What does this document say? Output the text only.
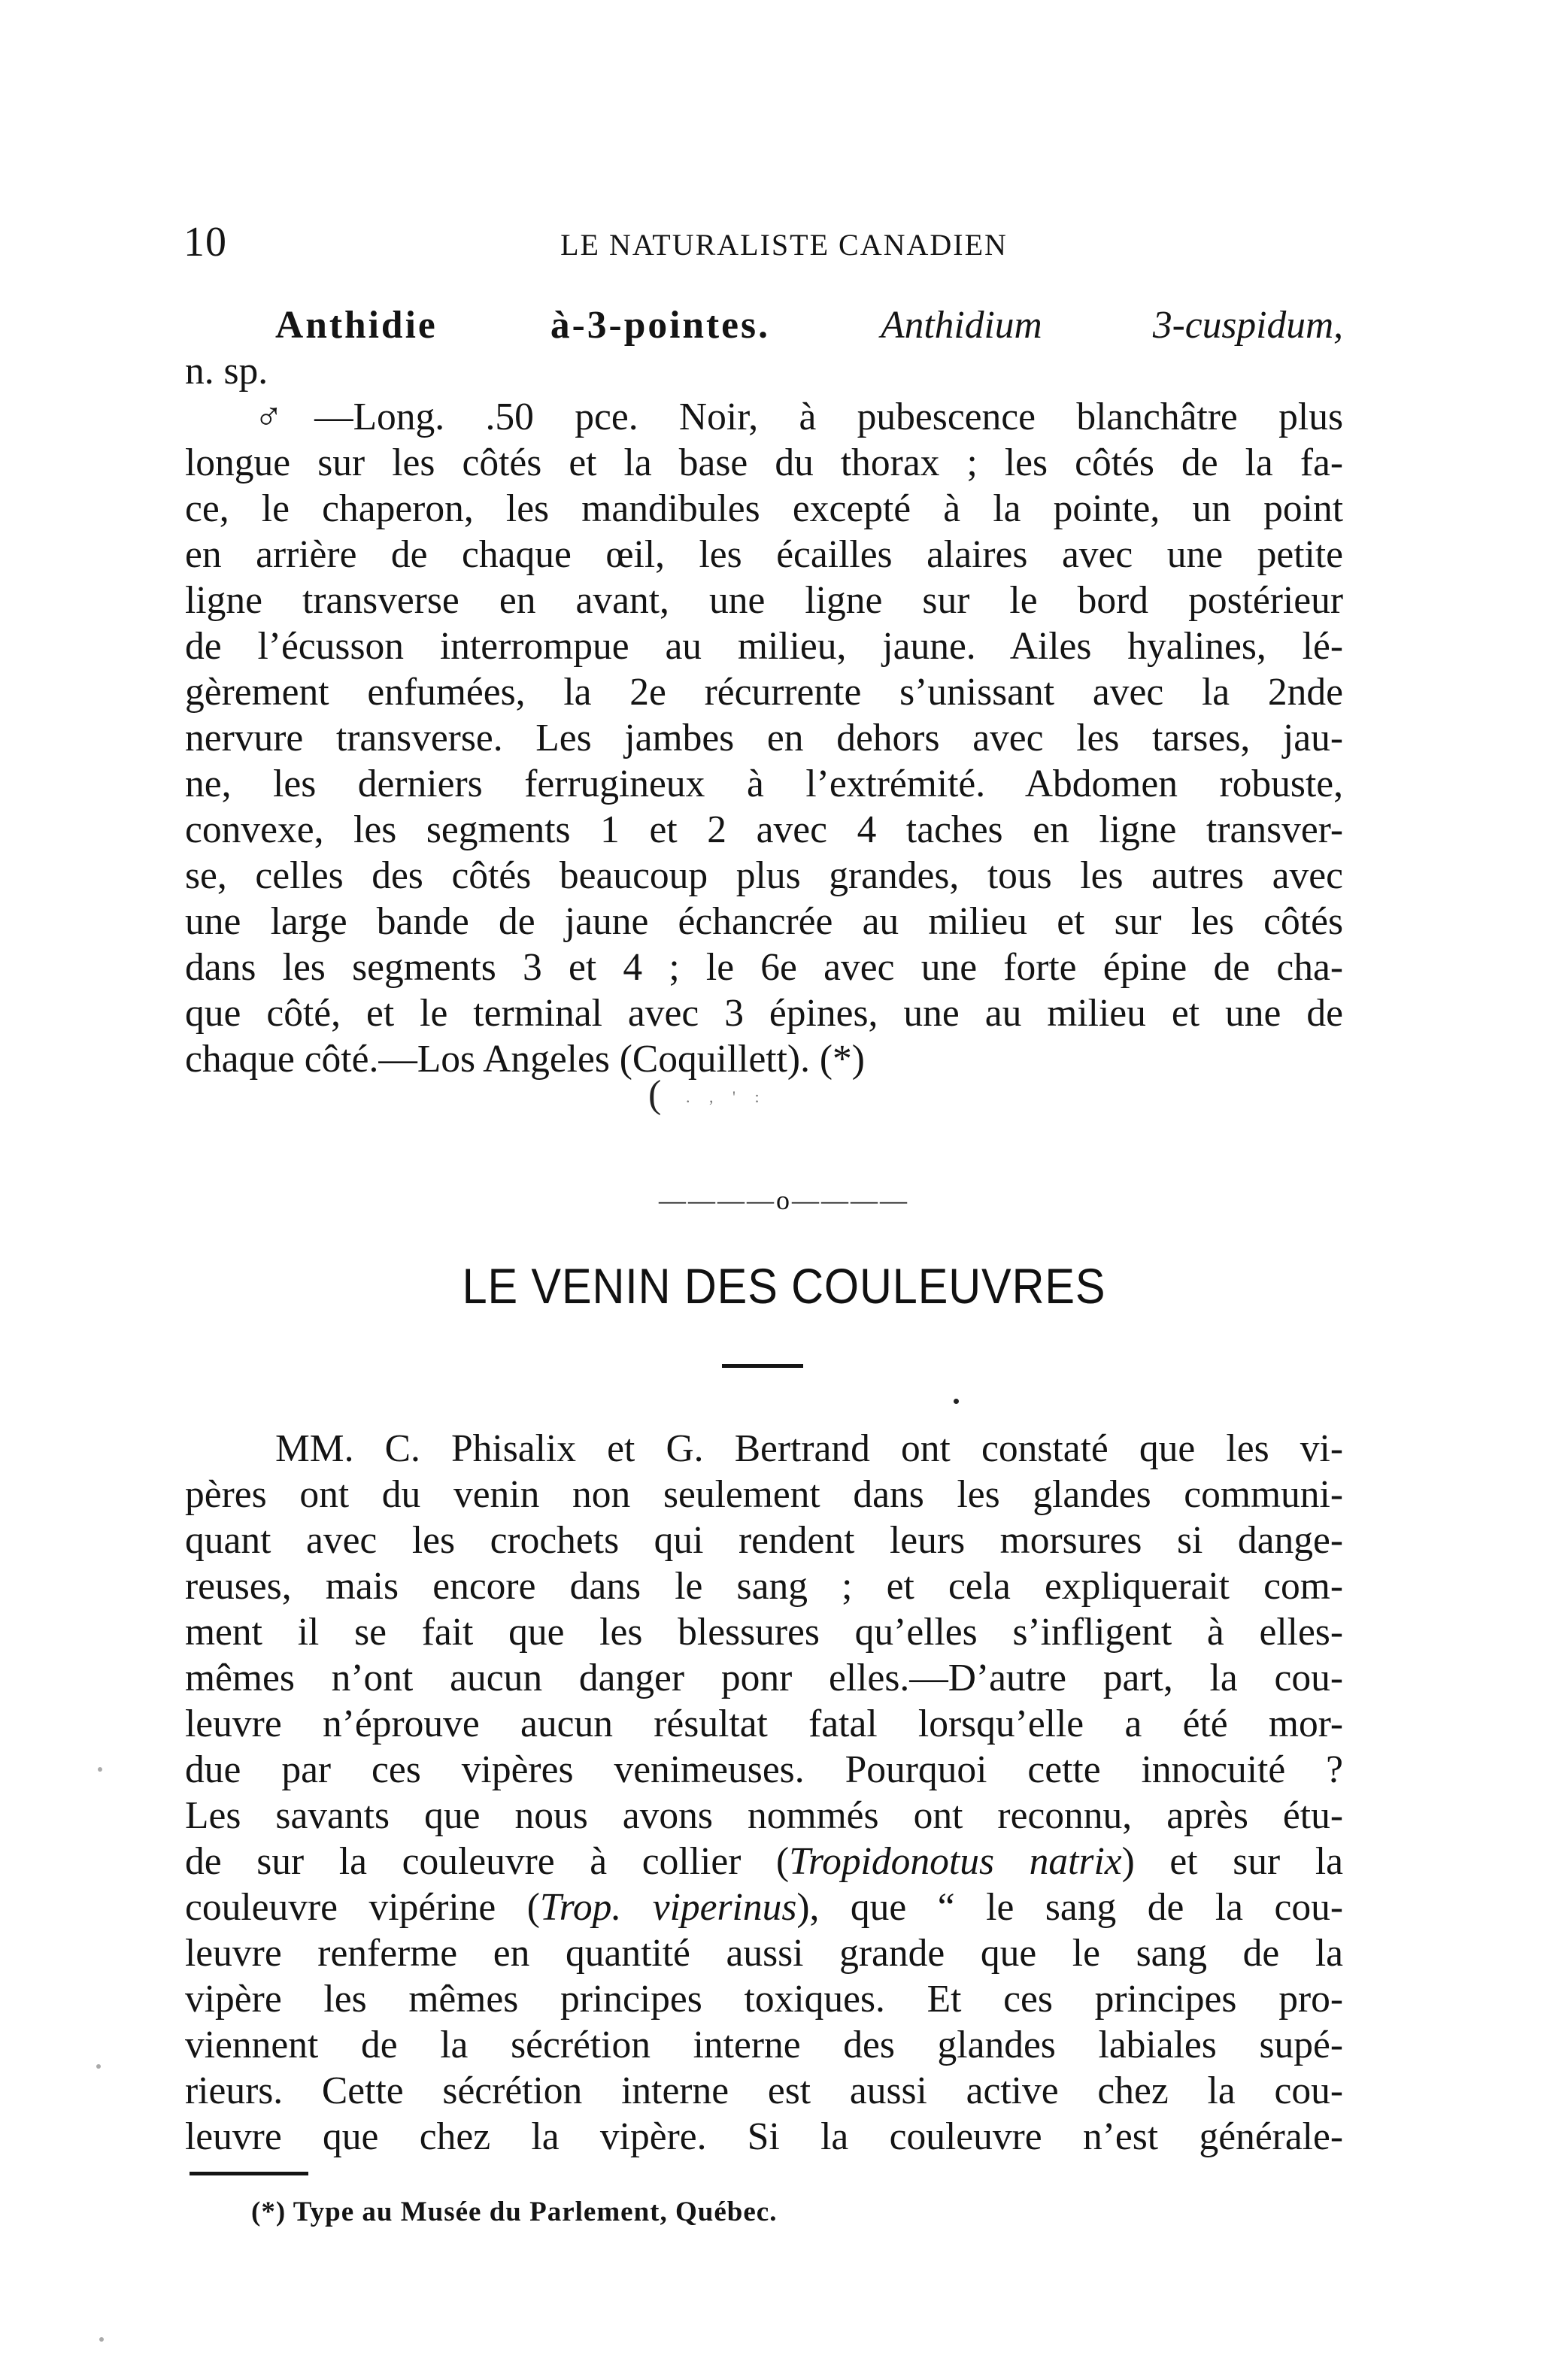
10	LE NATURALISTE CANADIEN

Anthidie à-3-pointes.	Anthidium 3-cuspidum,

n. sp.

♂—Long. .50 pce. Noir, à pubescence blanchâtre plus

longue sur les côtés et la base du thorax ; les côtés de la fa-

ce, le chaperon, les mandibules excepté à la pointe, un point

en arrière de chaque œil, les écailles alaires avec une petite

ligne transverse en avant, une ligne sur le bord postérieur

de l’écusson interrompue au milieu, jaune. Ailes hyalines, lé-

gèrement enfumées, la 2e récurrente s’unissant avec la 2nde

nervure transverse. Les jambes en dehors avec les tarses, jau-

ne, les derniers ferrugineux à l’extrémité. Abdomen robuste,

convexe, les segments 1 et 2 avec 4 taches en ligne transver-

se, celles des côtés beaucoup plus grandes, tous les autres avec

une large bande de jaune échancrée au milieu et sur les côtés

dans les segments 3 et 4 ; le 6e avec une forte épine de cha-

que côté, et le terminal avec 3 épines, une au milieu et une de

chaque côté.—Los Angeles (Coquillett). (*)

( . , ' :
————o————
LE VENIN DES COULEUVRES

MM. C. Phisalix et G. Bertrand ont constaté que les vi-

pères ont du venin non seulement dans les glandes communi-

quant avec les crochets qui rendent leurs morsures si dange-

reuses, mais encore dans le sang ; et cela expliquerait com-

ment il se fait que les blessures qu’elles s’infligent à elles-

mêmes n’ont aucun danger ponr elles.—D’autre part, la cou-

leuvre n’éprouve aucun résultat fatal lorsqu’elle a été mor-

due par ces vipères venimeuses. Pourquoi cette innocuité ?

Les savants que nous avons nommés ont reconnu, après étu-

de sur la couleuvre à collier (Tropidonotus natrix) et sur la

couleuvre vipérine (Trop. viperinus), que “ le sang de la cou-

leuvre renferme en quantité aussi grande que le sang de la

vipère les mêmes principes toxiques. Et ces principes pro-

viennent de la sécrétion interne des glandes labiales supé-

rieurs. Cette sécrétion interne est aussi active chez la cou-

leuvre que chez la vipère. Si la couleuvre n’est générale-

(*) Type au Musée du Parlement, Québec.
